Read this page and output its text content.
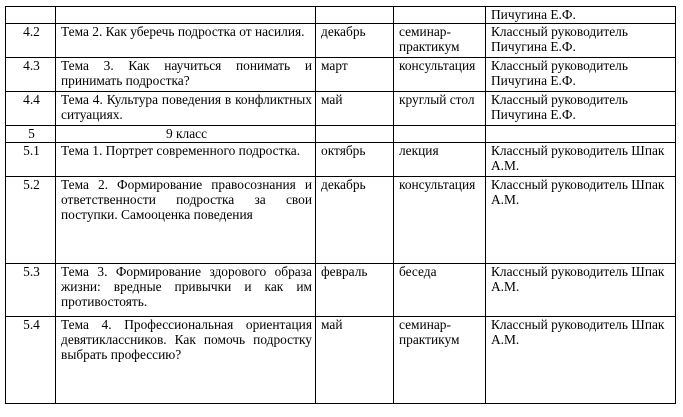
				Пичугина Е.Ф.
4.2	Тема 2. Как уберечь подростка от насилия.	декабрь	семинар-практикум	Классный руководитель Пичугина Е.Ф.
4.3	Тема 3. Как научиться понимать и принимать подростка?	март	консультация	Классный руководитель Пичугина Е.Ф.
4.4	Тема 4. Культура поведения в конфликтных ситуациях.	май	круглый стол	Классный руководитель Пичугина Е.Ф.
5	9 класс			
5.1	Тема 1. Портрет современного подростка.	октябрь	лекция	Классный руководитель Шпак А.М.
5.2	Тема 2. Формирование правосознания и ответственности подростка за свои поступки. Самооценка поведения	декабрь	консультация	Классный руководитель Шпак А.М.
5.3	Тема 3. Формирование здорового образа жизни: вредные привычки и как им противостоять.	февраль	беседа	Классный руководитель Шпак А.М.
5.4	Тема 4. Профессиональная ориентация девятиклассников. Как помочь подростку выбрать профессию?	май	семинар-практикум	Классный руководитель Шпак А.М.
